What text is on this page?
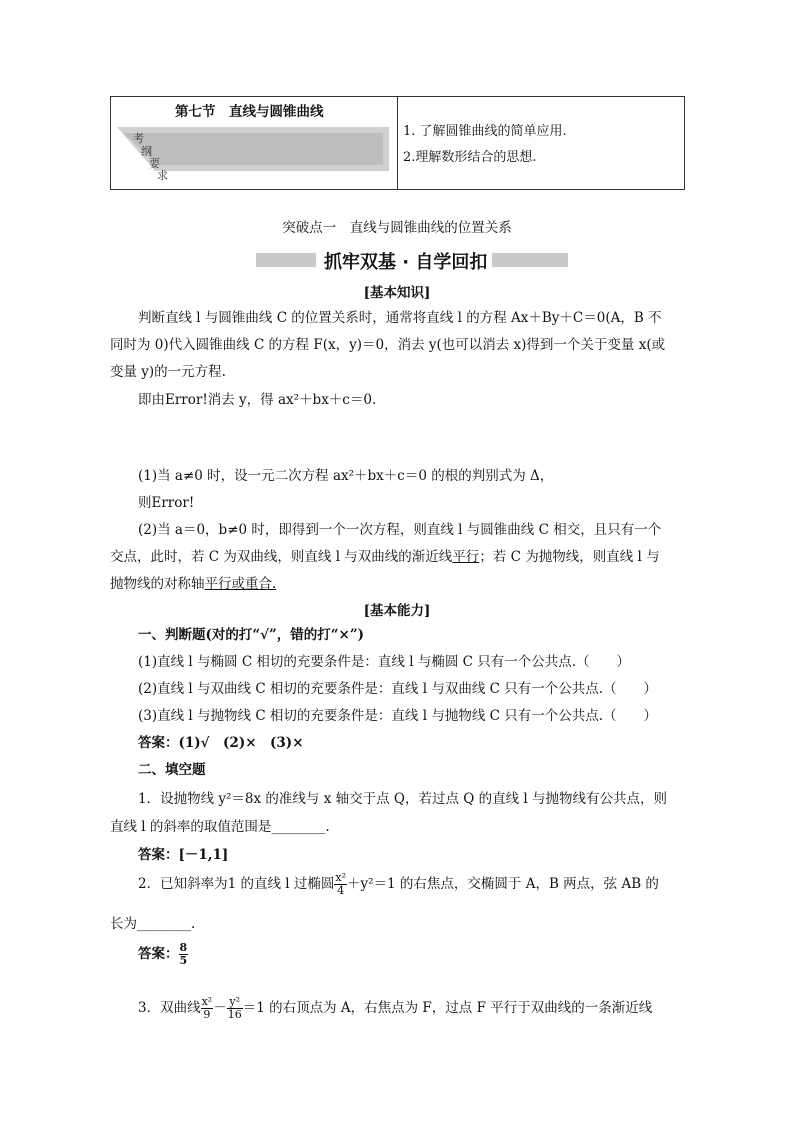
第七节　直线与圆锥曲线
考
纲
要
求
1. 了解圆锥曲线的简单应用.
2.理解数形结合的思想.
突破点一　直线与圆锥曲线的位置关系
抓牢双基 · 自学回扣
[基本知识]
判断直线 l 与圆锥曲线 C 的位置关系时，通常将直线 l 的方程 Ax＋By＋C＝0(A，B 不
同时为 0)代入圆锥曲线 C 的方程 F(x，y)＝0，消去 y(也可以消去 x)得到一个关于变量 x(或
变量 y)的一元方程.
即由Error!消去 y，得 ax²＋bx＋c＝0.
(1)当 a≠0 时，设一元二次方程 ax²＋bx＋c＝0 的根的判别式为 Δ，
则Error!
(2)当 a＝0，b≠0 时，即得到一个一次方程，则直线 l 与圆锥曲线 C 相交，且只有一个
交点，此时，若 C 为双曲线，则直线 l 与双曲线的渐近线平行；若 C 为抛物线，则直线 l 与
抛物线的对称轴平行或重合.
[基本能力]
一、判断题(对的打“√”，错的打“×”)
(1)直线 l 与椭圆 C 相切的充要条件是：直线 l 与椭圆 C 只有一个公共点.（　　）
(2)直线 l 与双曲线 C 相切的充要条件是：直线 l 与双曲线 C 只有一个公共点.（　　）
(3)直线 l 与抛物线 C 相切的充要条件是：直线 l 与抛物线 C 只有一个公共点.（　　）
答案：(1)√　(2)×　(3)×
二、填空题
1．设抛物线 y²＝8x 的准线与 x 轴交于点 Q，若过点 Q 的直线 l 与抛物线有公共点，则
直线 l 的斜率的取值范围是________.
答案：[－1,1]
2．已知斜率为1 的直线 l 过椭圆 $\frac{\text{x²}}{4} +y^2=1$ 的右焦点，交椭圆于 A，B 两点，弦 AB 的
长为________.
答案： $\frac{8}{5}$
3．双曲线 $\frac{\text{x²}}{9} - \frac{\text{y²}}{16} =1$ 的右顶点为 A，右焦点为 F，过点 F 平行于双曲线的一条渐近线
